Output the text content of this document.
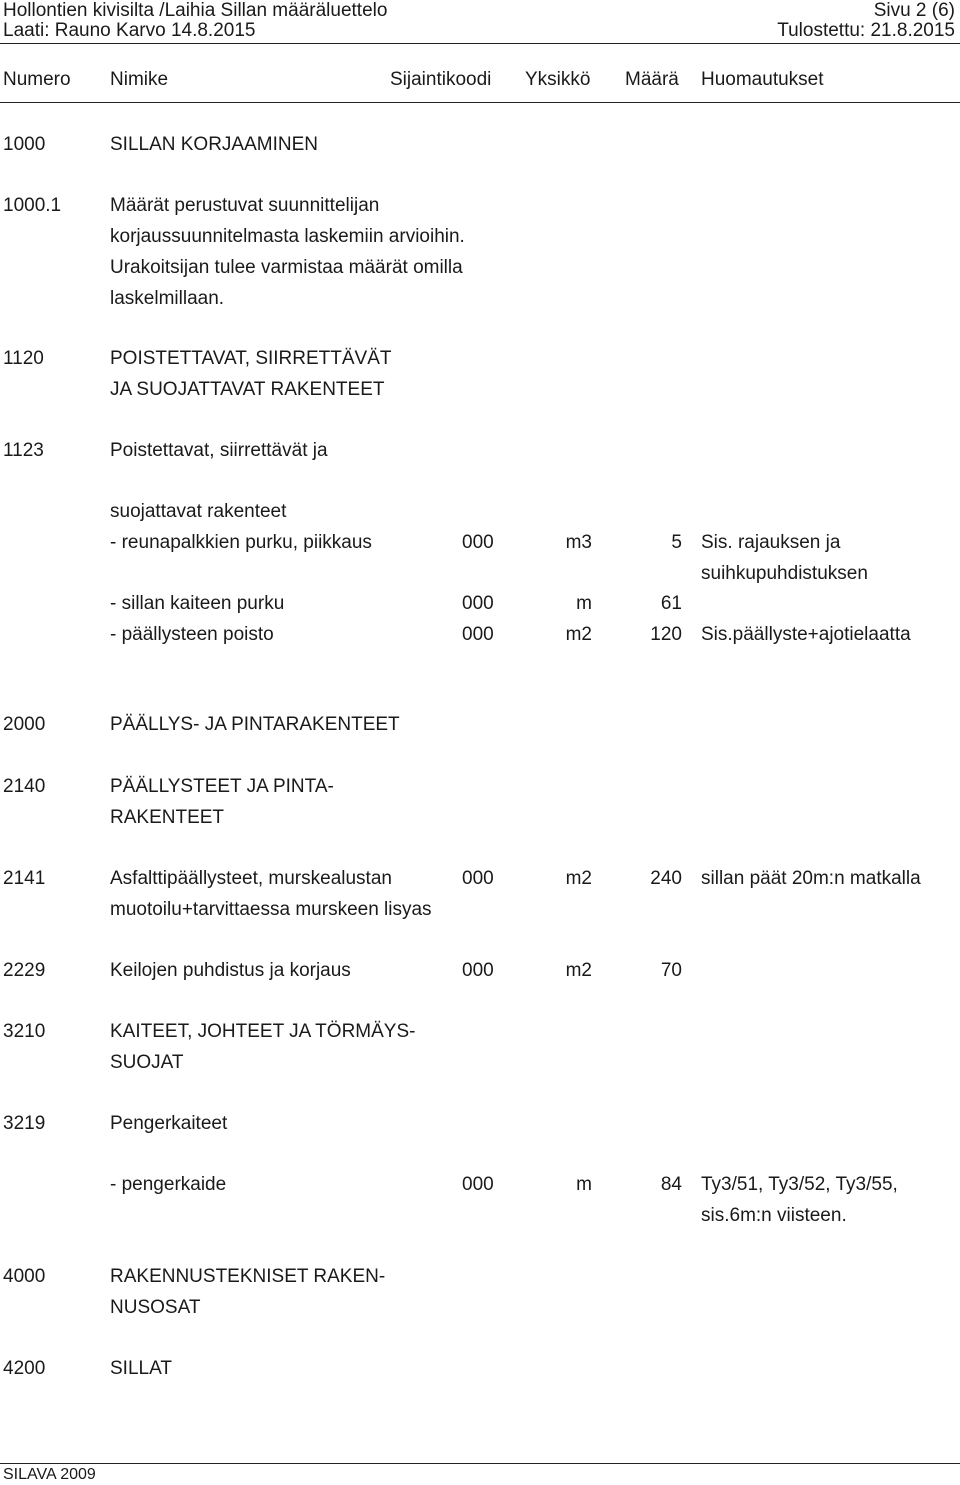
Hollontien kivisilta /Laihia Sillan määräluettelo
Laati: Rauno Karvo 14.8.2015
Sivu 2 (6)
Tulostettu: 21.8.2015
Numero Nimike	Sijaintikoodi Yksikkö Määrä Huomautukset
1000	SILLAN KORJAAMINEN
1000.1	Määrät perustuvat suunnittelijan
korjaussuunnitelmasta laskemiin arvioihin.
Urakoitsijan tulee varmistaa määrät omilla
laskelmillaan.
1120	POISTETTAVAT, SIIRRETTÄVÄT
JA SUOJATTAVAT RAKENTEET
1123	Poistettavat, siirrettävät ja
suojattavat rakenteet
- reunapalkkien purku, piikkaus	000	m3	5 Sis. rajauksen ja
suihkupuhdistuksen
- sillan kaiteen purku	000	m	61
- päällysteen poisto	000	m2	120 Sis.päällyste+ajotielaatta
2000	PÄÄLLYS- JA PINTARAKENTEET
2140	PÄÄLLYSTEET JA PINTA-
RAKENTEET
2141	Asfalttipäällysteet, murskealustan
muotoilu+tarvittaessa murskeen lisyas
000	m2	240 sillan päät 20m:n matkalla
2229	Keilojen puhdistus ja korjaus	000	m2	70
3210	KAITEET, JOHTEET JA TÖRMÄYS-
SUOJAT
3219	Pengerkaiteet
- pengerkaide	000	m	84 Ty3/51, Ty3/52, Ty3/55,
sis.6m:n viisteen.
4000	RAKENNUSTEKNISET RAKEN-
NUSOSAT
4200	SILLAT
SILAVA 2009
